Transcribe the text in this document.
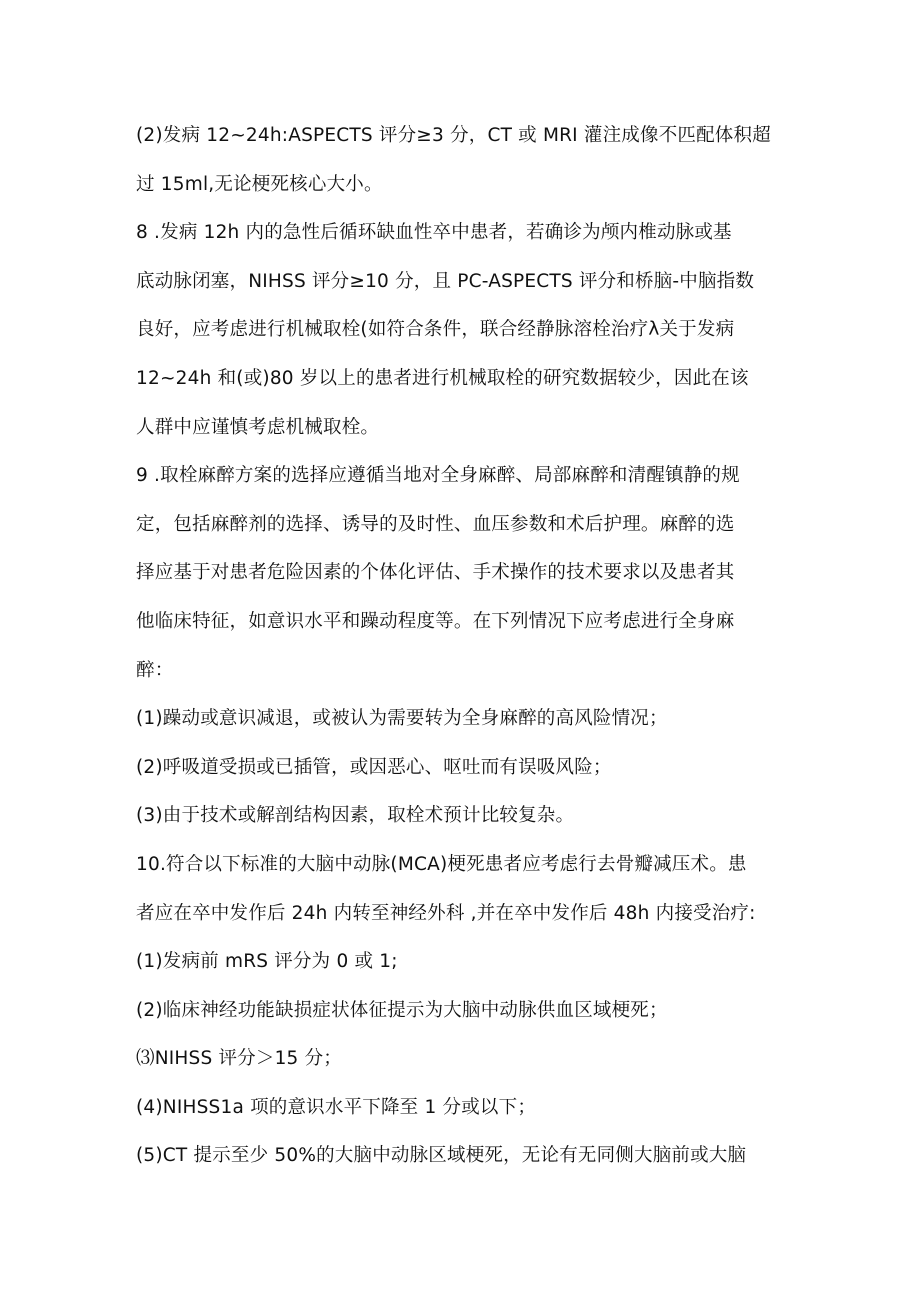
(2)发病 12~24h:ASPECTS 评分≥3 分，CT 或 MRI 灌注成像不匹配体积超
过 15ml,无论梗死核心大小。
8 .发病 12h 内的急性后循环缺血性卒中患者，若确诊为颅内椎动脉或基
底动脉闭塞，NIHSS 评分≥10 分，且 PC-ASPECTS 评分和桥脑-中脑指数
良好，应考虑进行机械取栓(如符合条件，联合经静脉溶栓治疗λ关于发病
12~24h 和(或)80 岁以上的患者进行机械取栓的研究数据较少，因此在该
人群中应谨慎考虑机械取栓。
9 .取栓麻醉方案的选择应遵循当地对全身麻醉、局部麻醉和清醒镇静的规
定，包括麻醉剂的选择、诱导的及时性、血压参数和术后护理。麻醉的选
择应基于对患者危险因素的个体化评估、手术操作的技术要求以及患者其
他临床特征，如意识水平和躁动程度等。在下列情况下应考虑进行全身麻
醉：
(1)躁动或意识减退，或被认为需要转为全身麻醉的高风险情况；
(2)呼吸道受损或已插管，或因恶心、呕吐而有误吸风险；
(3)由于技术或解剖结构因素，取栓术预计比较复杂。
10.符合以下标准的大脑中动脉(MCA)梗死患者应考虑行去骨瓣减压术。患
者应在卒中发作后 24h 内转至神经外科 ,并在卒中发作后 48h 内接受治疗:
(1)发病前 mRS 评分为 0 或 1;
(2)临床神经功能缺损症状体征提示为大脑中动脉供血区域梗死；
⑶NIHSS 评分＞15 分；
(4)NIHSS1a 项的意识水平下降至 1 分或以下；
(5)CT 提示至少 50%的大脑中动脉区域梗死，无论有无同侧大脑前或大脑
